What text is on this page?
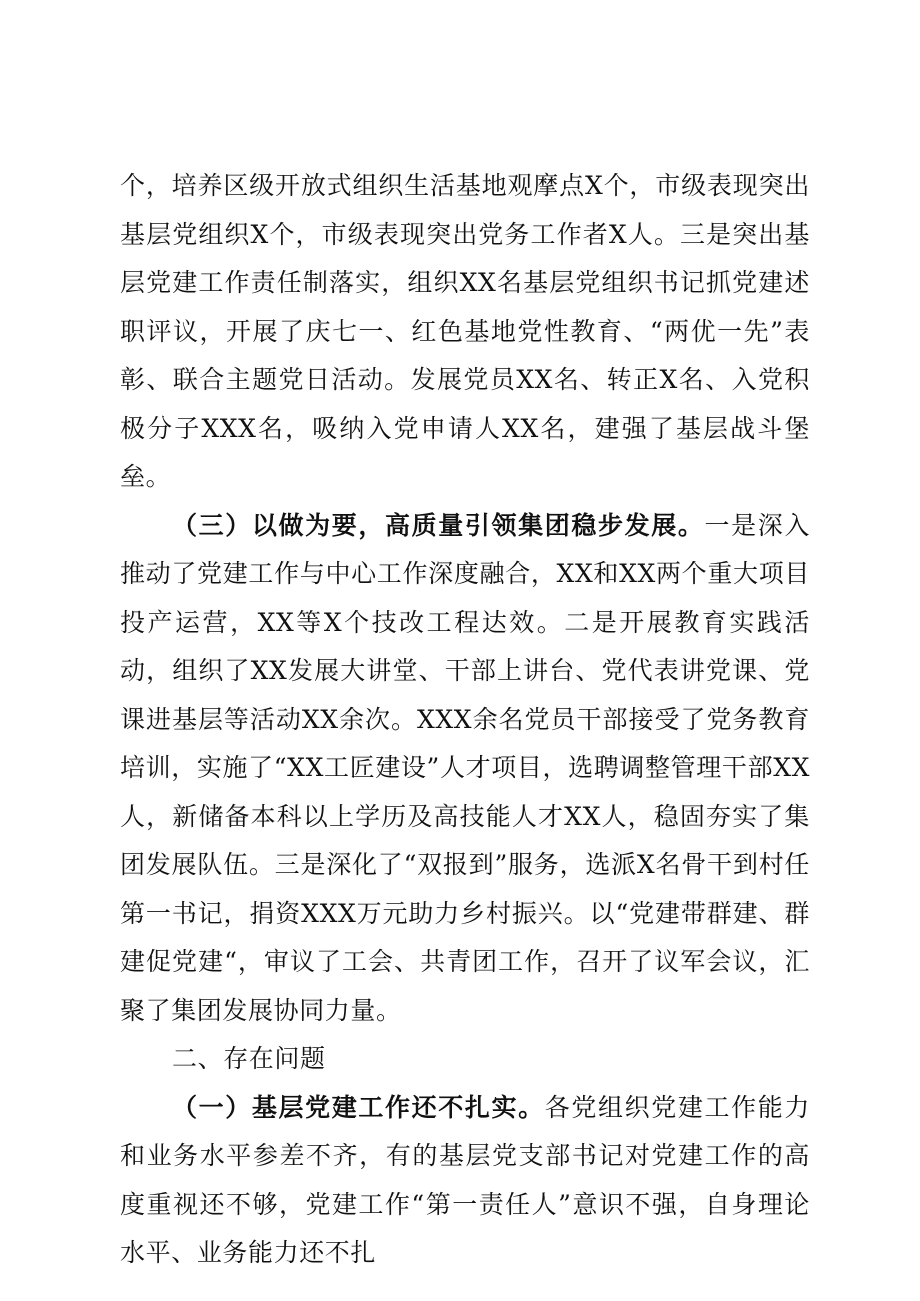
个，培养区级开放式组织生活基地观摩点X个，市级表现突出基层党组织X个，市级表现突出党务工作者X人。三是突出基层党建工作责任制落实，组织XX名基层党组织书记抓党建述职评议，开展了庆七一、红色基地党性教育、“两优一先”表彰、联合主题党日活动。发展党员XX名、转正X名、入党积极分子XXX名，吸纳入党申请人XX名，建强了基层战斗堡垒。

（三）以做为要，高质量引领集团稳步发展。一是深入推动了党建工作与中心工作深度融合，XX和XX两个重大项目投产运营，XX等X个技改工程达效。二是开展教育实践活动，组织了XX发展大讲堂、干部上讲台、党代表讲党课、党课进基层等活动XX余次。XXX余名党员干部接受了党务教育培训，实施了“XX工匠建设”人才项目，选聘调整管理干部XX人，新储备本科以上学历及高技能人才XX人，稳固夯实了集团发展队伍。三是深化了“双报到”服务，选派X名骨干到村任第一书记，捐资XXX万元助力乡村振兴。以“党建带群建、群建促党建“，审议了工会、共青团工作，召开了议军会议，汇聚了集团发展协同力量。

二、存在问题

（一）基层党建工作还不扎实。各党组织党建工作能力和业务水平参差不齐，有的基层党支部书记对党建工作的高度重视还不够，党建工作“第一责任人”意识不强，自身理论水平、业务能力还不扎
